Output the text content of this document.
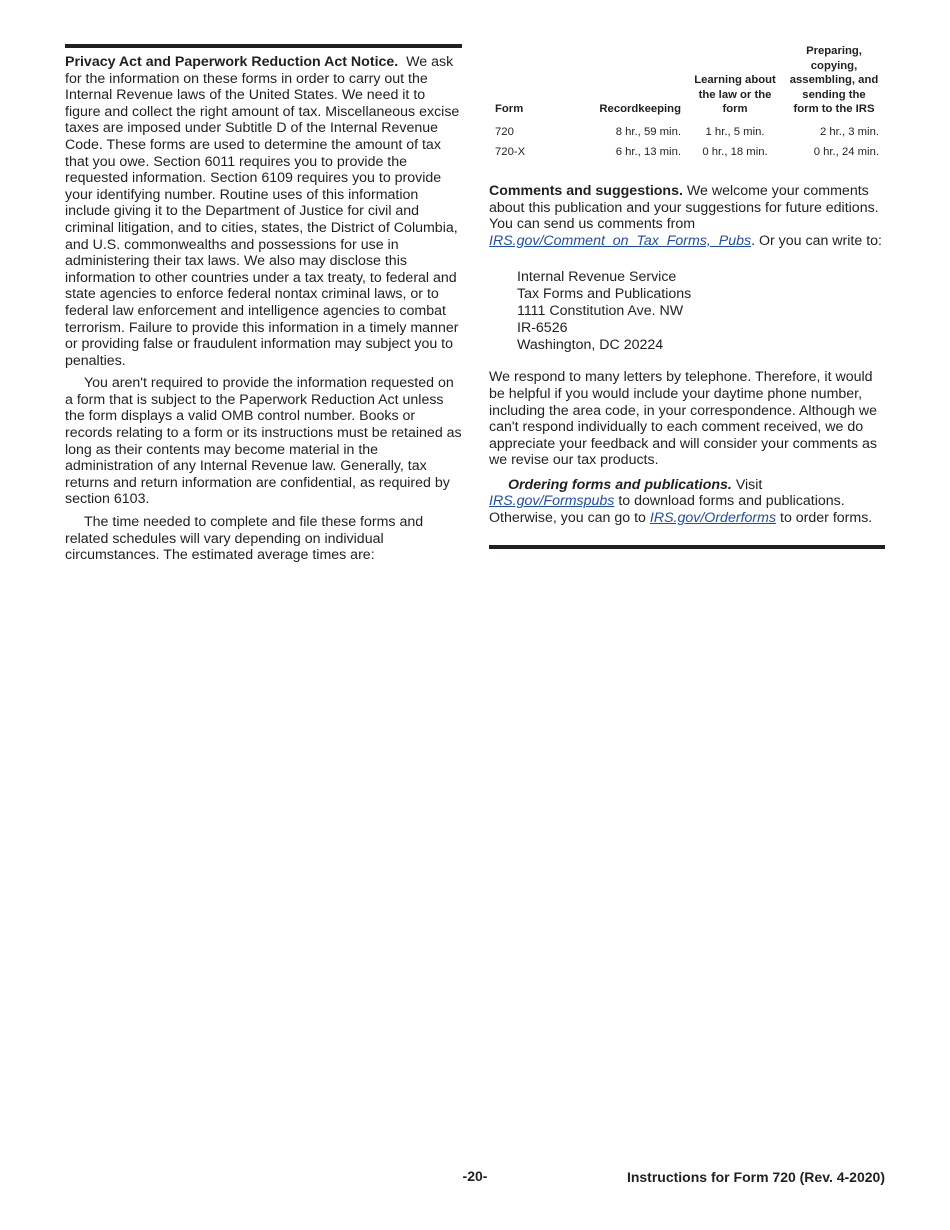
Privacy Act and Paperwork Reduction Act Notice. We ask for the information on these forms in order to carry out the Internal Revenue laws of the United States. We need it to figure and collect the right amount of tax. Miscellaneous excise taxes are imposed under Subtitle D of the Internal Revenue Code. These forms are used to determine the amount of tax that you owe. Section 6011 requires you to provide the requested information. Section 6109 requires you to provide your identifying number. Routine uses of this information include giving it to the Department of Justice for civil and criminal litigation, and to cities, states, the District of Columbia, and U.S. commonwealths and possessions for use in administering their tax laws. We also may disclose this information to other countries under a tax treaty, to federal and state agencies to enforce federal nontax criminal laws, or to federal law enforcement and intelligence agencies to combat terrorism. Failure to provide this information in a timely manner or providing false or fraudulent information may subject you to penalties.

You aren't required to provide the information requested on a form that is subject to the Paperwork Reduction Act unless the form displays a valid OMB control number. Books or records relating to a form or its instructions must be retained as long as their contents may become material in the administration of any Internal Revenue law. Generally, tax returns and return information are confidential, as required by section 6103.

The time needed to complete and file these forms and related schedules will vary depending on individual circumstances. The estimated average times are:

Form	Recordkeeping	Learning about the law or the form	Preparing, copying, assembling, and sending the form to the IRS
720	8 hr., 59 min.	1 hr., 5 min.	2 hr., 3 min.
720-X	6 hr., 13 min.	0 hr., 18 min.	0 hr., 24 min.

Comments and suggestions. We welcome your comments about this publication and your suggestions for future editions. You can send us comments from IRS.gov/Comment_on_Tax_Forms,_Pubs. Or you can write to:

Internal Revenue Service
Tax Forms and Publications
1111 Constitution Ave. NW
IR-6526
Washington, DC 20224

We respond to many letters by telephone. Therefore, it would be helpful if you would include your daytime phone number, including the area code, in your correspondence. Although we can't respond individually to each comment received, we do appreciate your feedback and will consider your comments as we revise our tax products.

Ordering forms and publications. Visit IRS.gov/Formspubs to download forms and publications. Otherwise, you can go to IRS.gov/Orderforms to order forms.

-20-	Instructions for Form 720 (Rev. 4-2020)
